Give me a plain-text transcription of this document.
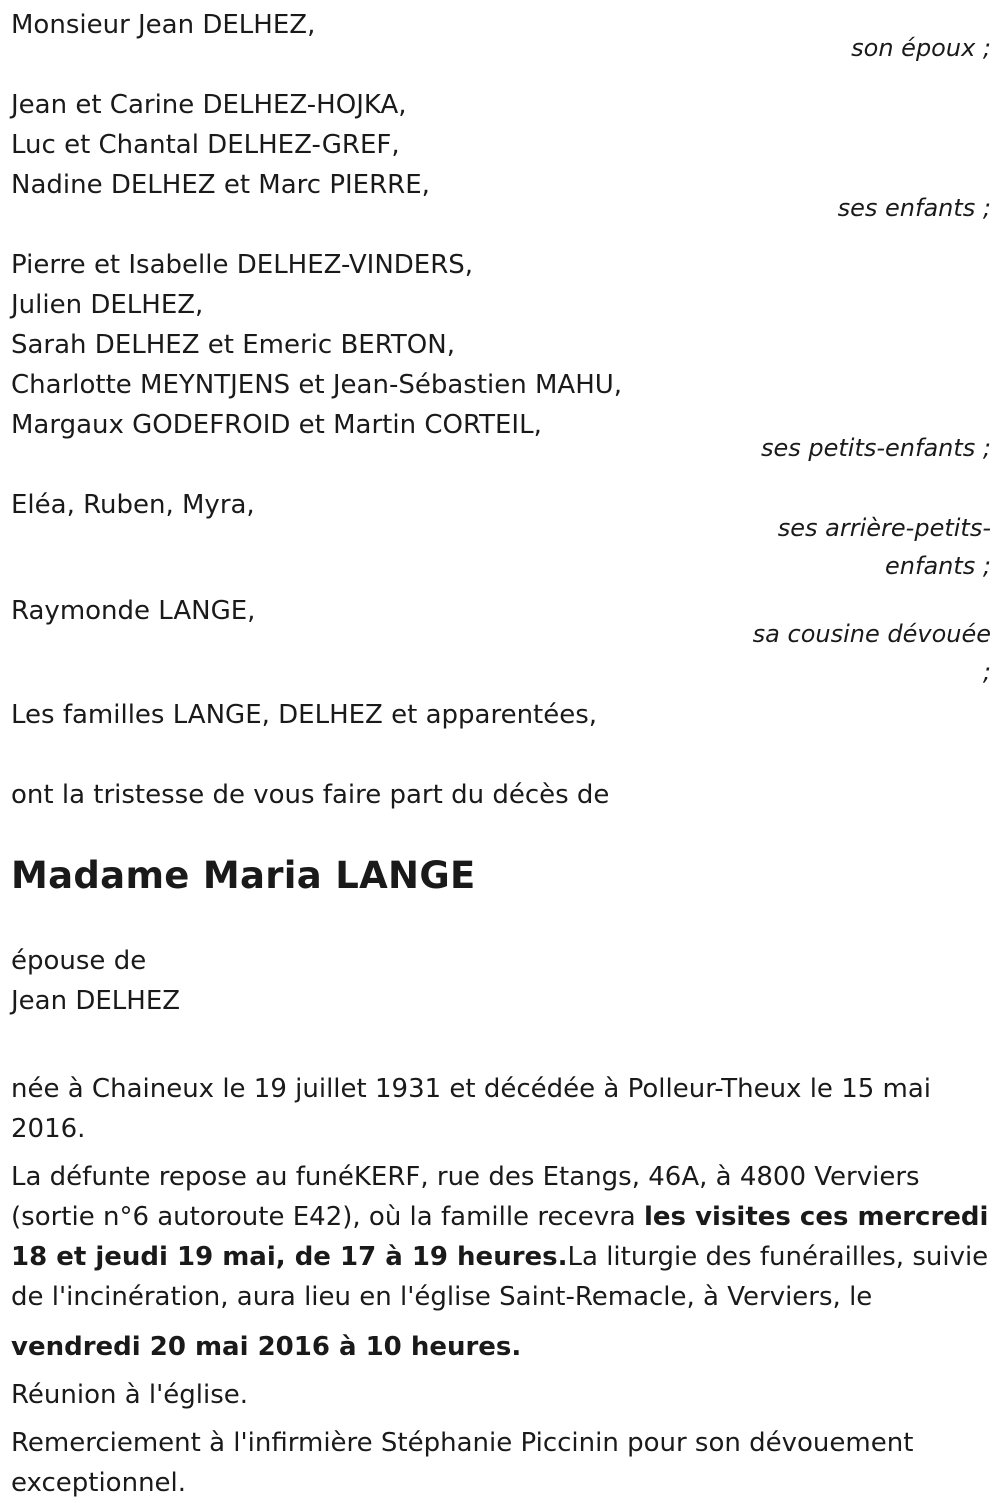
Monsieur Jean DELHEZ,
son époux ;
Jean et Carine DELHEZ-HOJKA,
Luc et Chantal DELHEZ-GREF,
Nadine DELHEZ et Marc PIERRE,
ses enfants ;
Pierre et Isabelle DELHEZ-VINDERS,
Julien DELHEZ,
Sarah DELHEZ et Emeric BERTON,
Charlotte MEYNTJENS et Jean-Sébastien MAHU,
Margaux GODEFROID et Martin CORTEIL,
ses petits-enfants ;
Eléa, Ruben, Myra,
ses arrière-petits-
enfants ;
Raymonde LANGE,
sa cousine dévouée
;
Les familles LANGE, DELHEZ et apparentées,
ont la tristesse de vous faire part du décès de
Madame Maria LANGE
épouse de
Jean DELHEZ
née à Chaineux le 19 juillet 1931 et décédée à Polleur-Theux le 15 mai 2016.
La défunte repose au funéKERF, rue des Etangs, 46A, à 4800 Verviers (sortie n°6 autoroute E42), où la famille recevra les visites ces mercredi 18 et jeudi 19 mai, de 17 à 19 heures.La liturgie des funérailles, suivie de l'incinération, aura lieu en l'église Saint-Remacle, à Verviers, le
vendredi 20 mai 2016 à 10 heures.
Réunion à l'église.
Remerciement à l'infirmière Stéphanie Piccinin pour son dévouement exceptionnel.
